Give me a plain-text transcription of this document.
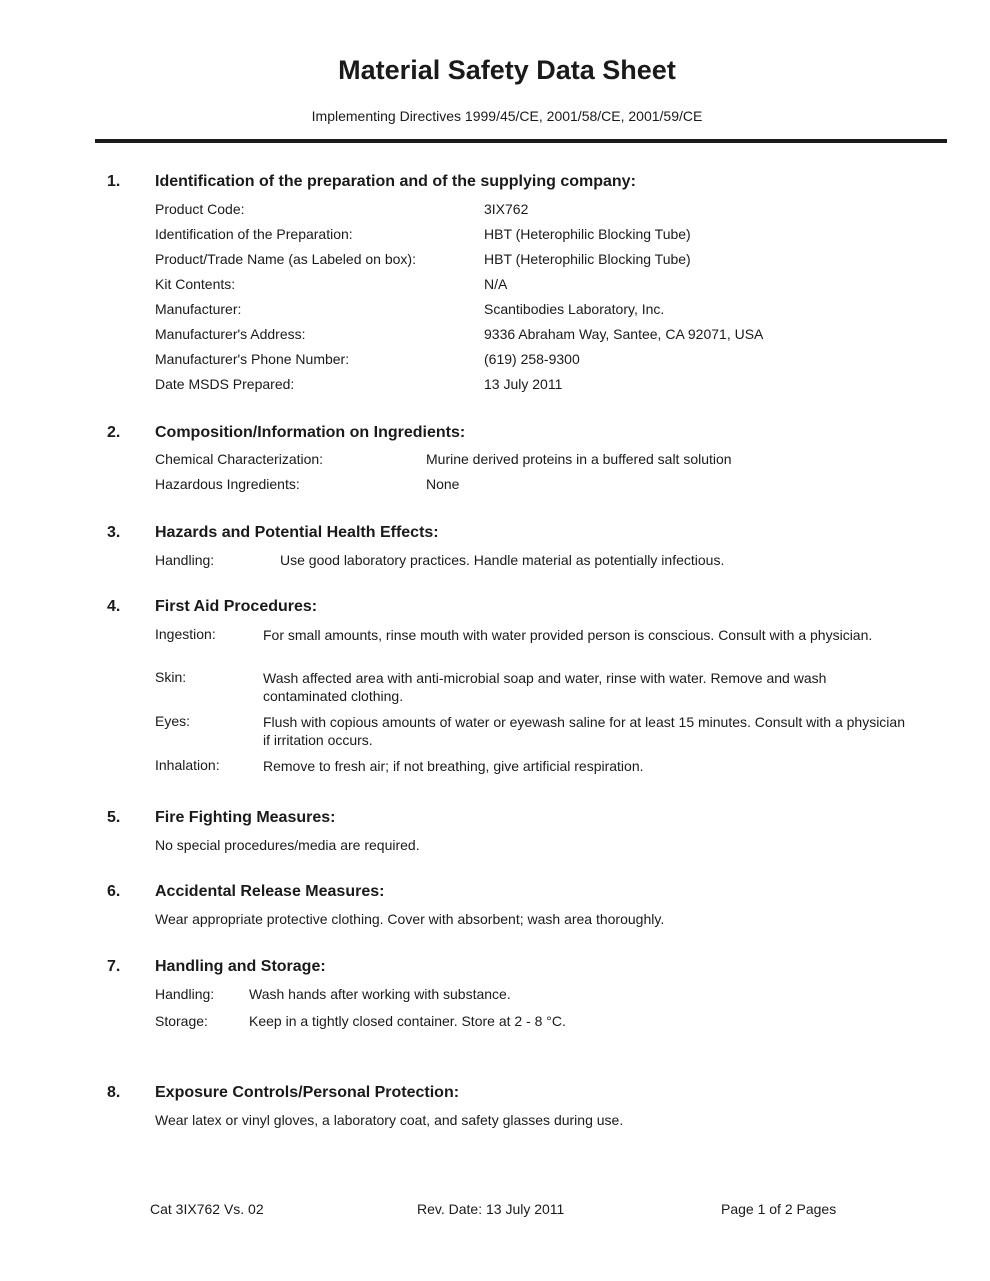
Material Safety Data Sheet
Implementing Directives 1999/45/CE, 2001/58/CE, 2001/59/CE
1. Identification of the preparation and of the supplying company:
Product Code:	3IX762
Identification of the Preparation:	HBT (Heterophilic Blocking Tube)
Product/Trade Name (as Labeled on box):	HBT (Heterophilic Blocking Tube)
Kit Contents:	N/A
Manufacturer:	Scantibodies Laboratory, Inc.
Manufacturer's Address:	9336 Abraham Way, Santee, CA 92071, USA
Manufacturer's Phone Number:	(619) 258-9300
Date MSDS Prepared:	13 July 2011
2. Composition/Information on Ingredients:
Chemical Characterization:	Murine derived proteins in a buffered salt solution
Hazardous Ingredients:	None
3. Hazards and Potential Health Effects:
Handling:	Use good laboratory practices. Handle material as potentially infectious.
4. First Aid Procedures:
Ingestion:	For small amounts, rinse mouth with water provided person is conscious. Consult with a physician.
Skin:	Wash affected area with anti-microbial soap and water, rinse with water. Remove and wash contaminated clothing.
Eyes:	Flush with copious amounts of water or eyewash saline for at least 15 minutes. Consult with a physician if irritation occurs.
Inhalation:	Remove to fresh air; if not breathing, give artificial respiration.
5. Fire Fighting Measures:
No special procedures/media are required.
6. Accidental Release Measures:
Wear appropriate protective clothing. Cover with absorbent; wash area thoroughly.
7. Handling and Storage:
Handling: Wash hands after working with substance.
Storage:	Keep in a tightly closed container. Store at 2 - 8 °C.
8. Exposure Controls/Personal Protection:
Wear latex or vinyl gloves, a laboratory coat, and safety glasses during use.
Cat 3IX762 Vs. 02	Rev. Date: 13 July 2011	Page 1 of 2 Pages
